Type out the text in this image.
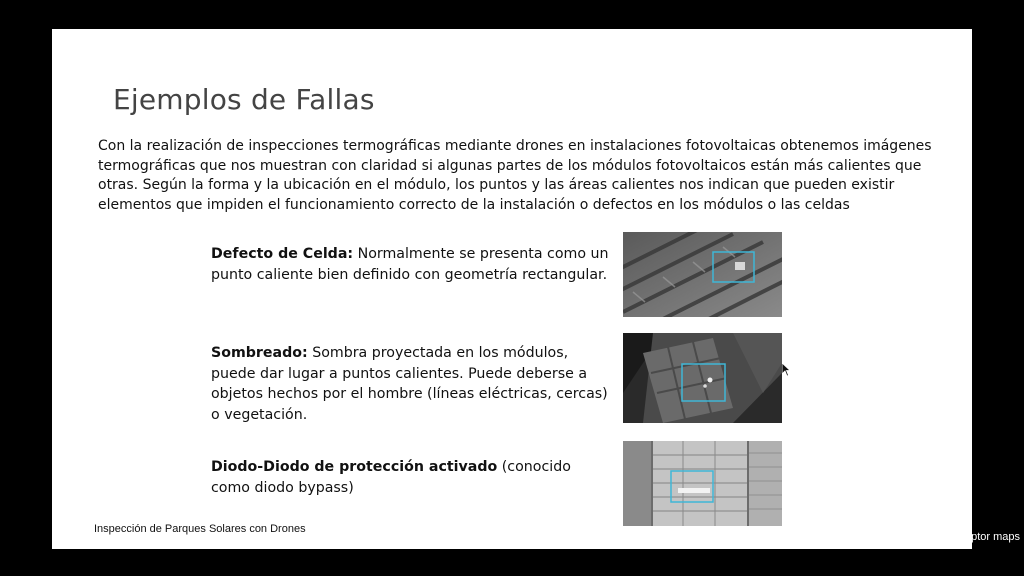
Ejemplos de Fallas

Con la realización de inspecciones termográficas mediante drones en instalaciones fotovoltaicas obtenemos imágenes termográficas que nos muestran con claridad si algunas partes de los módulos fotovoltaicos están más calientes que otras. Según la forma y la ubicación en el módulo, los puntos y las áreas calientes nos indican que pueden existir elementos que impiden el funcionamiento correcto de la instalación o defectos en los módulos o las celdas

Defecto de Celda: Normalmente se presenta como un punto caliente bien definido con geometría rectangular.

Sombreado: Sombra proyectada en los módulos, puede dar lugar a puntos calientes. Puede deberse a objetos hechos por el hombre (líneas eléctricas, cercas) o vegetación.

Diodo-Diodo de protección activado (conocido como diodo bypass)

Inspección de Parques Solares con Drones
Imagen: raptor maps
